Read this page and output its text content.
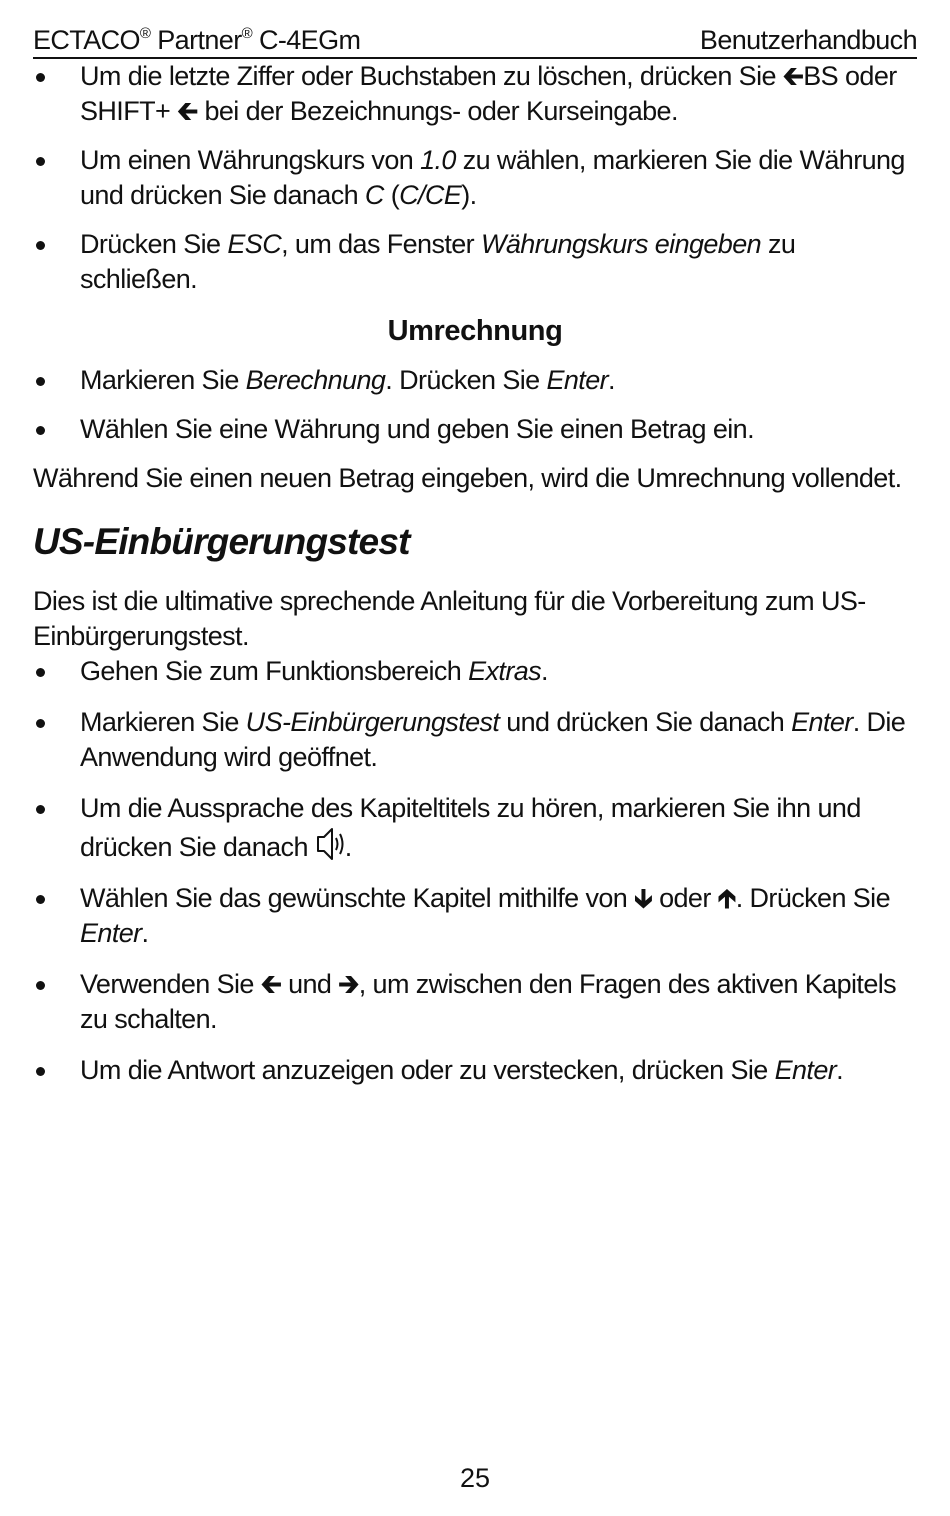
ECTACO® Partner® C-4EGm	Benutzerhandbuch
Um die letzte Ziffer oder Buchstaben zu löschen, drücken Sie 🡰BS oder SHIFT+ 🡰 bei der Bezeichnungs- oder Kurseingabe.
Um einen Währungskurs von 1.0 zu wählen, markieren Sie die Währung und drücken Sie danach C (C/CE).
Drücken Sie ESC, um das Fenster Währungskurs eingeben zu schließen.
Umrechnung
Markieren Sie Berechnung. Drücken Sie Enter.
Wählen Sie eine Währung und geben Sie einen Betrag ein.

Während Sie einen neuen Betrag eingeben, wird die Umrechnung vollendet.

US-Einbürgerungstest

Dies ist die ultimative sprechende Anleitung für die Vorbereitung zum US-Einbürgerungstest.

Gehen Sie zum Funktionsbereich Extras.
Markieren Sie US-Einbürgerungstest und drücken Sie danach Enter. Die Anwendung wird geöffnet.
Um die Aussprache des Kapiteltitels zu hören, markieren Sie ihn und drücken Sie danach .
Wählen Sie das gewünschte Kapitel mithilfe von 🡳 oder 🡱. Drücken Sie Enter.
Verwenden Sie 🡰 und 🡲, um zwischen den Fragen des aktiven Kapitels zu schalten.
Um die Antwort anzuzeigen oder zu verstecken, drücken Sie Enter.
25
